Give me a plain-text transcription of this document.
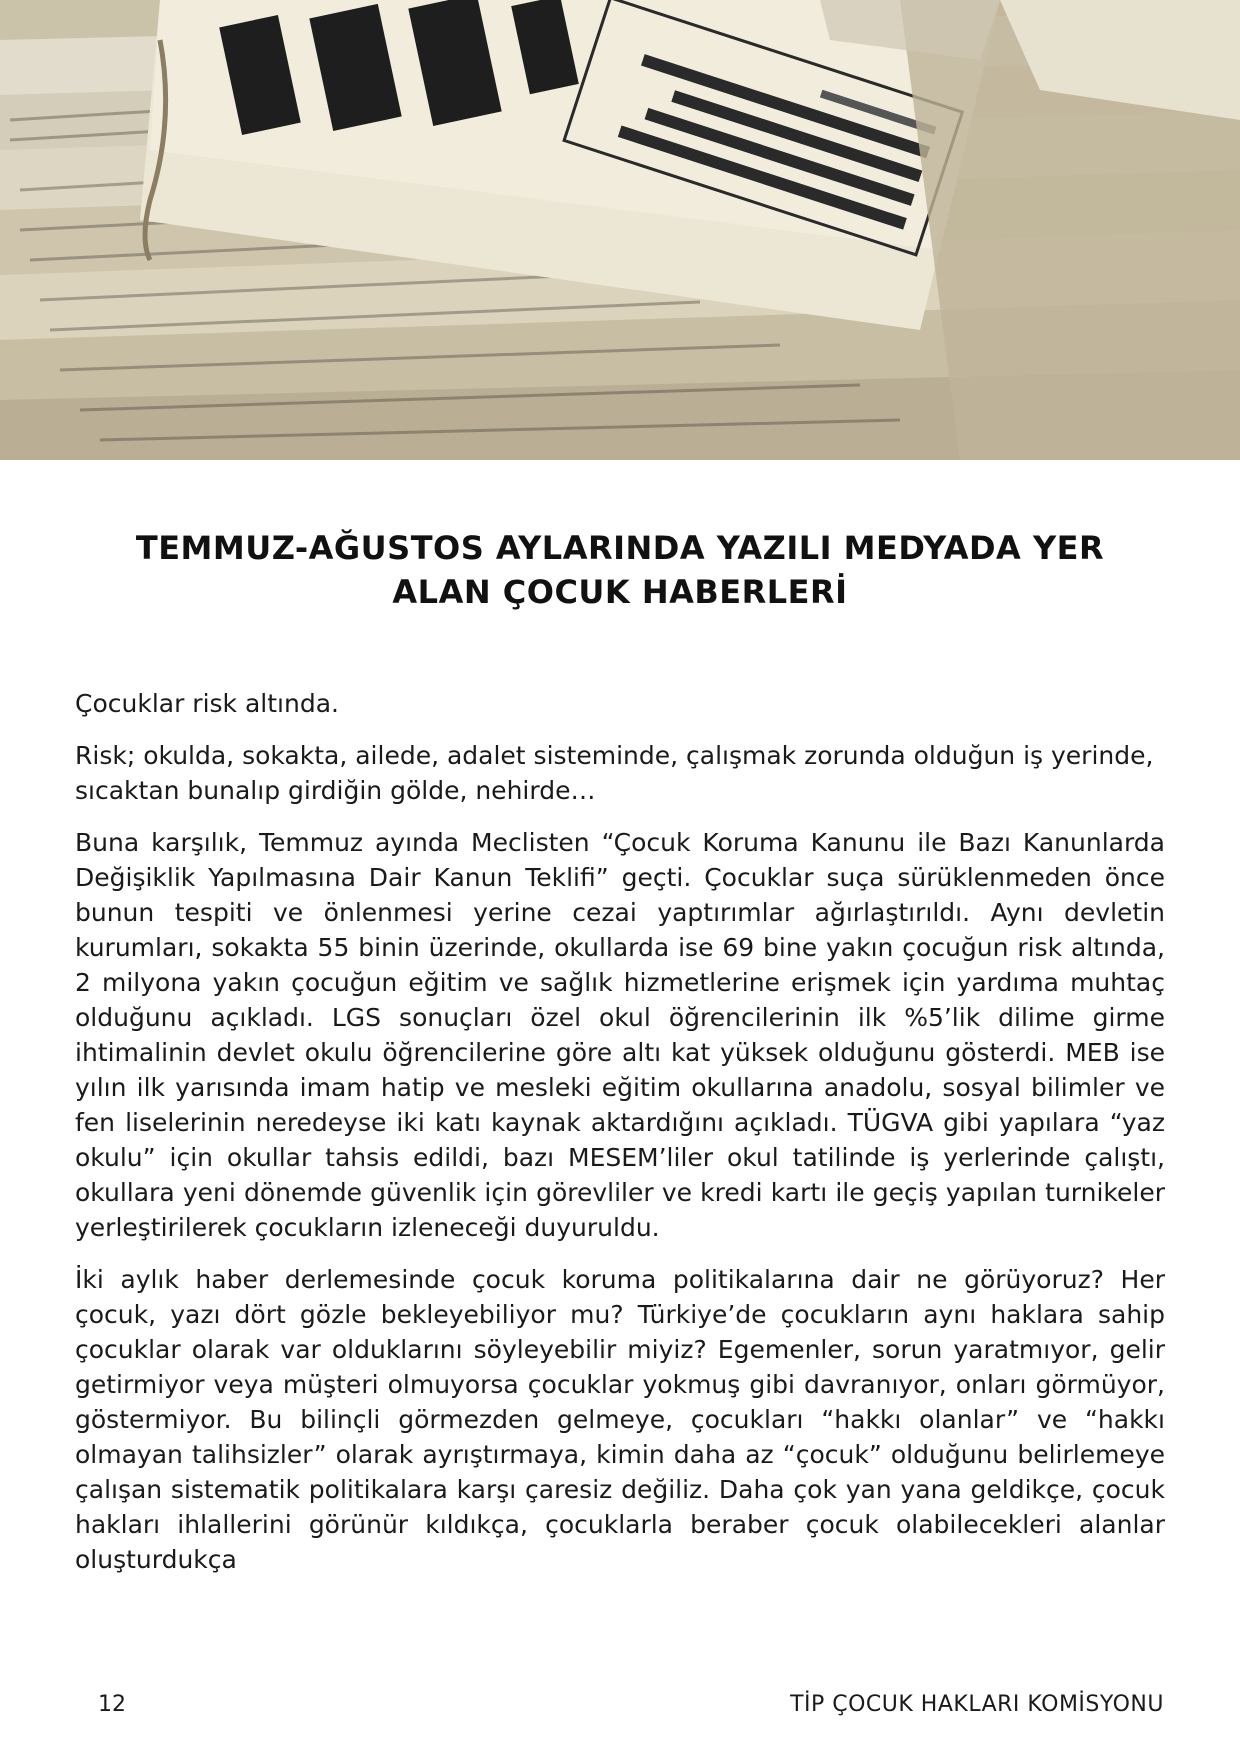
TEMMUZ-AĞUSTOS AYLARINDA YAZILI MEDYADA YER
ALAN ÇOCUK HABERLERİ

Çocuklar risk altında.

Risk; okulda, sokakta, ailede, adalet sisteminde, çalışmak zorunda olduğun iş yerinde, sıcaktan bunalıp girdiğin gölde, nehirde…

Buna karşılık, Temmuz ayında Meclisten “Çocuk Koruma Kanunu ile Bazı Kanunlarda Değişiklik Yapılmasına Dair Kanun Teklifi” geçti. Çocuklar suça sürüklenmeden önce bunun tespiti ve önlenmesi yerine cezai yaptırımlar ağırlaştırıldı. Aynı devletin kurumları, sokakta 55 binin üzerinde, okullarda ise 69 bine yakın çocuğun risk altında, 2 milyona yakın çocuğun eğitim ve sağlık hizmetlerine erişmek için yardıma muhtaç olduğunu açıkladı. LGS sonuçları özel okul öğrencilerinin ilk %5’lik dilime girme ihtimalinin devlet okulu öğrencilerine göre altı kat yüksek olduğunu gösterdi. MEB ise yılın ilk yarısında imam hatip ve mesleki eğitim okullarına anadolu, sosyal bilimler ve fen liselerinin neredeyse iki katı kaynak aktardığını açıkladı. TÜGVA gibi yapılara “yaz okulu” için okullar tahsis edildi, bazı MESEM’liler okul tatilinde iş yerlerinde çalıştı, okullara yeni dönemde güvenlik için görevliler ve kredi kartı ile geçiş yapılan turnikeler yerleştirilerek çocukların izleneceği duyuruldu.

İki aylık haber derlemesinde çocuk koruma politikalarına dair ne görüyoruz? Her çocuk, yazı dört gözle bekleyebiliyor mu? Türkiye’de çocukların aynı haklara sahip çocuklar olarak var olduklarını söyleyebilir miyiz? Egemenler, sorun yaratmıyor, gelir getirmiyor veya müşteri olmuyorsa çocuklar yokmuş gibi davranıyor, onları görmüyor, göstermiyor. Bu bilinçli görmezden gelmeye, çocukları “hakkı olanlar” ve “hakkı olmayan talihsizler” olarak ayrıştırmaya, kimin daha az “çocuk” olduğunu belirlemeye çalışan sistematik politikalara karşı çaresiz değiliz. Daha çok yan yana geldikçe, çocuk hakları ihlallerini görünür kıldıkça, çocuklarla beraber çocuk olabilecekleri alanlar oluşturdukça

12	TİP ÇOCUK HAKLARI KOMİSYONU
